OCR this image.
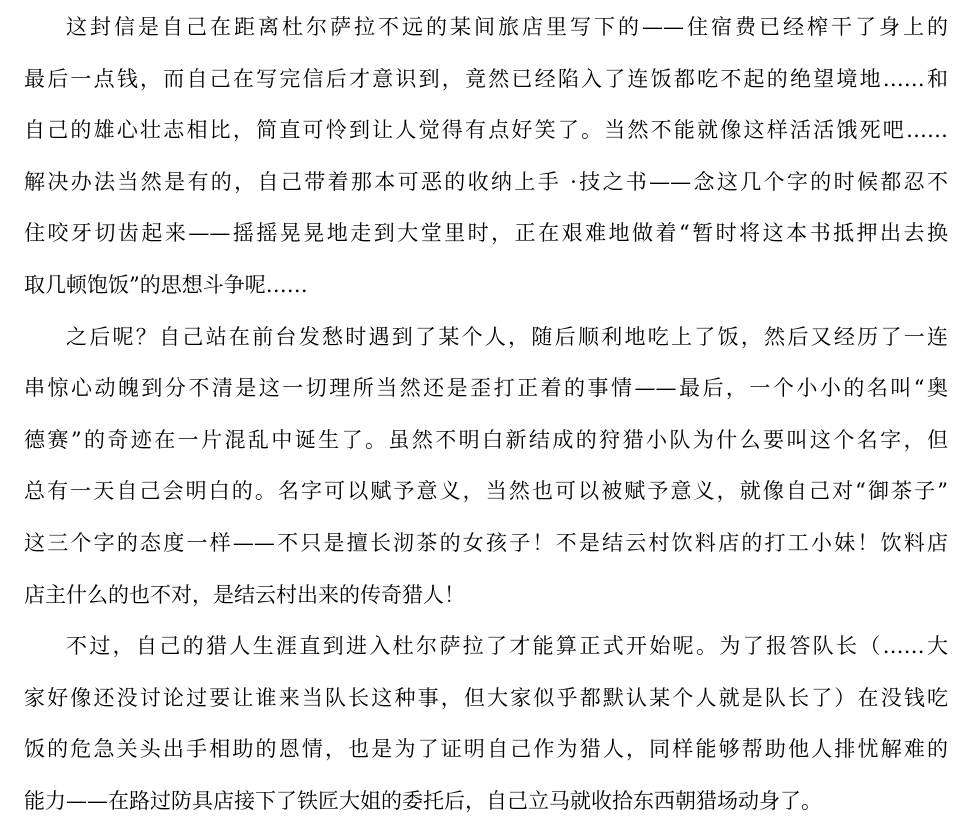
这封信是自己在距离杜尔萨拉不远的某间旅店里写下的——住宿费已经榨干了身上的
最后一点钱，而自己在写完信后才意识到，竟然已经陷入了连饭都吃不起的绝望境地……和
自己的雄心壮志相比，简直可怜到让人觉得有点好笑了。当然不能就像这样活活饿死吧……
解决办法当然是有的，自己带着那本可恶的收纳上手 ·技之书——念这几个字的时候都忍不
住咬牙切齿起来——摇摇晃晃地走到大堂里时，正在艰难地做着“暂时将这本书抵押出去换
取几顿饱饭”的思想斗争呢……

之后呢？自己站在前台发愁时遇到了某个人，随后顺利地吃上了饭，然后又经历了一连
串惊心动魄到分不清是这一切理所当然还是歪打正着的事情——最后，一个小小的名叫“奥
德赛”的奇迹在一片混乱中诞生了。虽然不明白新结成的狩猎小队为什么要叫这个名字，但
总有一天自己会明白的。名字可以赋予意义，当然也可以被赋予意义，就像自己对“御茶子”
这三个字的态度一样——不只是擅长沏茶的女孩子！不是结云村饮料店的打工小妹！饮料店
店主什么的也不对，是结云村出来的传奇猎人！

不过，自己的猎人生涯直到进入杜尔萨拉了才能算正式开始呢。为了报答队长（……大
家好像还没讨论过要让谁来当队长这种事，但大家似乎都默认某个人就是队长了）在没钱吃
饭的危急关头出手相助的恩情，也是为了证明自己作为猎人，同样能够帮助他人排忧解难的
能力——在路过防具店接下了铁匠大姐的委托后，自己立马就收拾东西朝猎场动身了。
